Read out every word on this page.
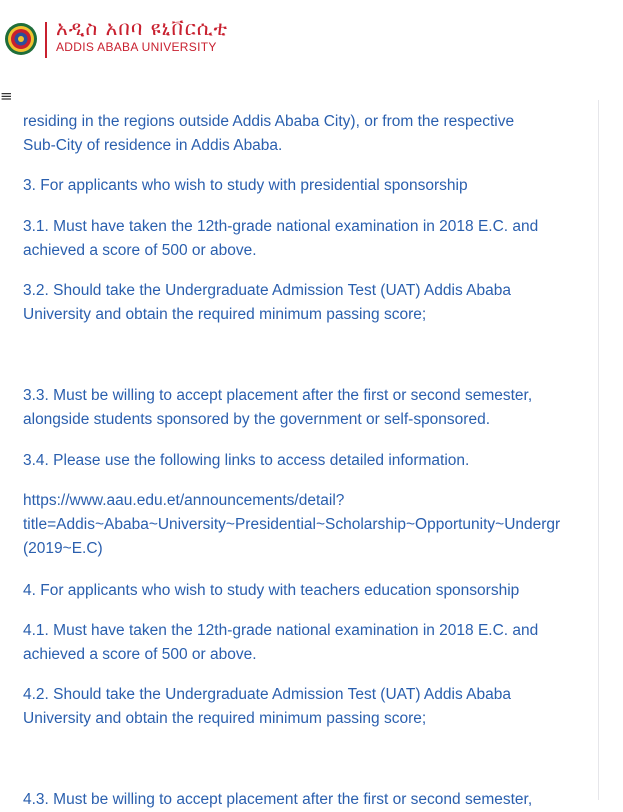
አዲስ አበባ ዩኒቨርሲቲ
ADDIS ABABA UNIVERSITY
≡
residing in the regions outside Addis Ababa City), or from the respective
Sub-City of residence in Addis Ababa.
3. For applicants who wish to study with presidential sponsorship
3.1. Must have taken the 12th-grade national examination in 2018 E.C. and
achieved a score of 500 or above.
3.2. Should take the Undergraduate Admission Test (UAT) Addis Ababa
University and obtain the required minimum passing score;
3.3. Must be willing to accept placement after the first or second semester,
alongside students sponsored by the government or self-sponsored.
3.4. Please use the following links to access detailed information.
https://www.aau.edu.et/announcements/detail?
title=Addis~Ababa~University~Presidential~Scholarship~Opportunity~Undergr
(2019~E.C)
4. For applicants who wish to study with teachers education sponsorship
4.1. Must have taken the 12th-grade national examination in 2018 E.C. and
achieved a score of 500 or above.
4.2. Should take the Undergraduate Admission Test (UAT) Addis Ababa
University and obtain the required minimum passing score;
4.3. Must be willing to accept placement after the first or second semester,
